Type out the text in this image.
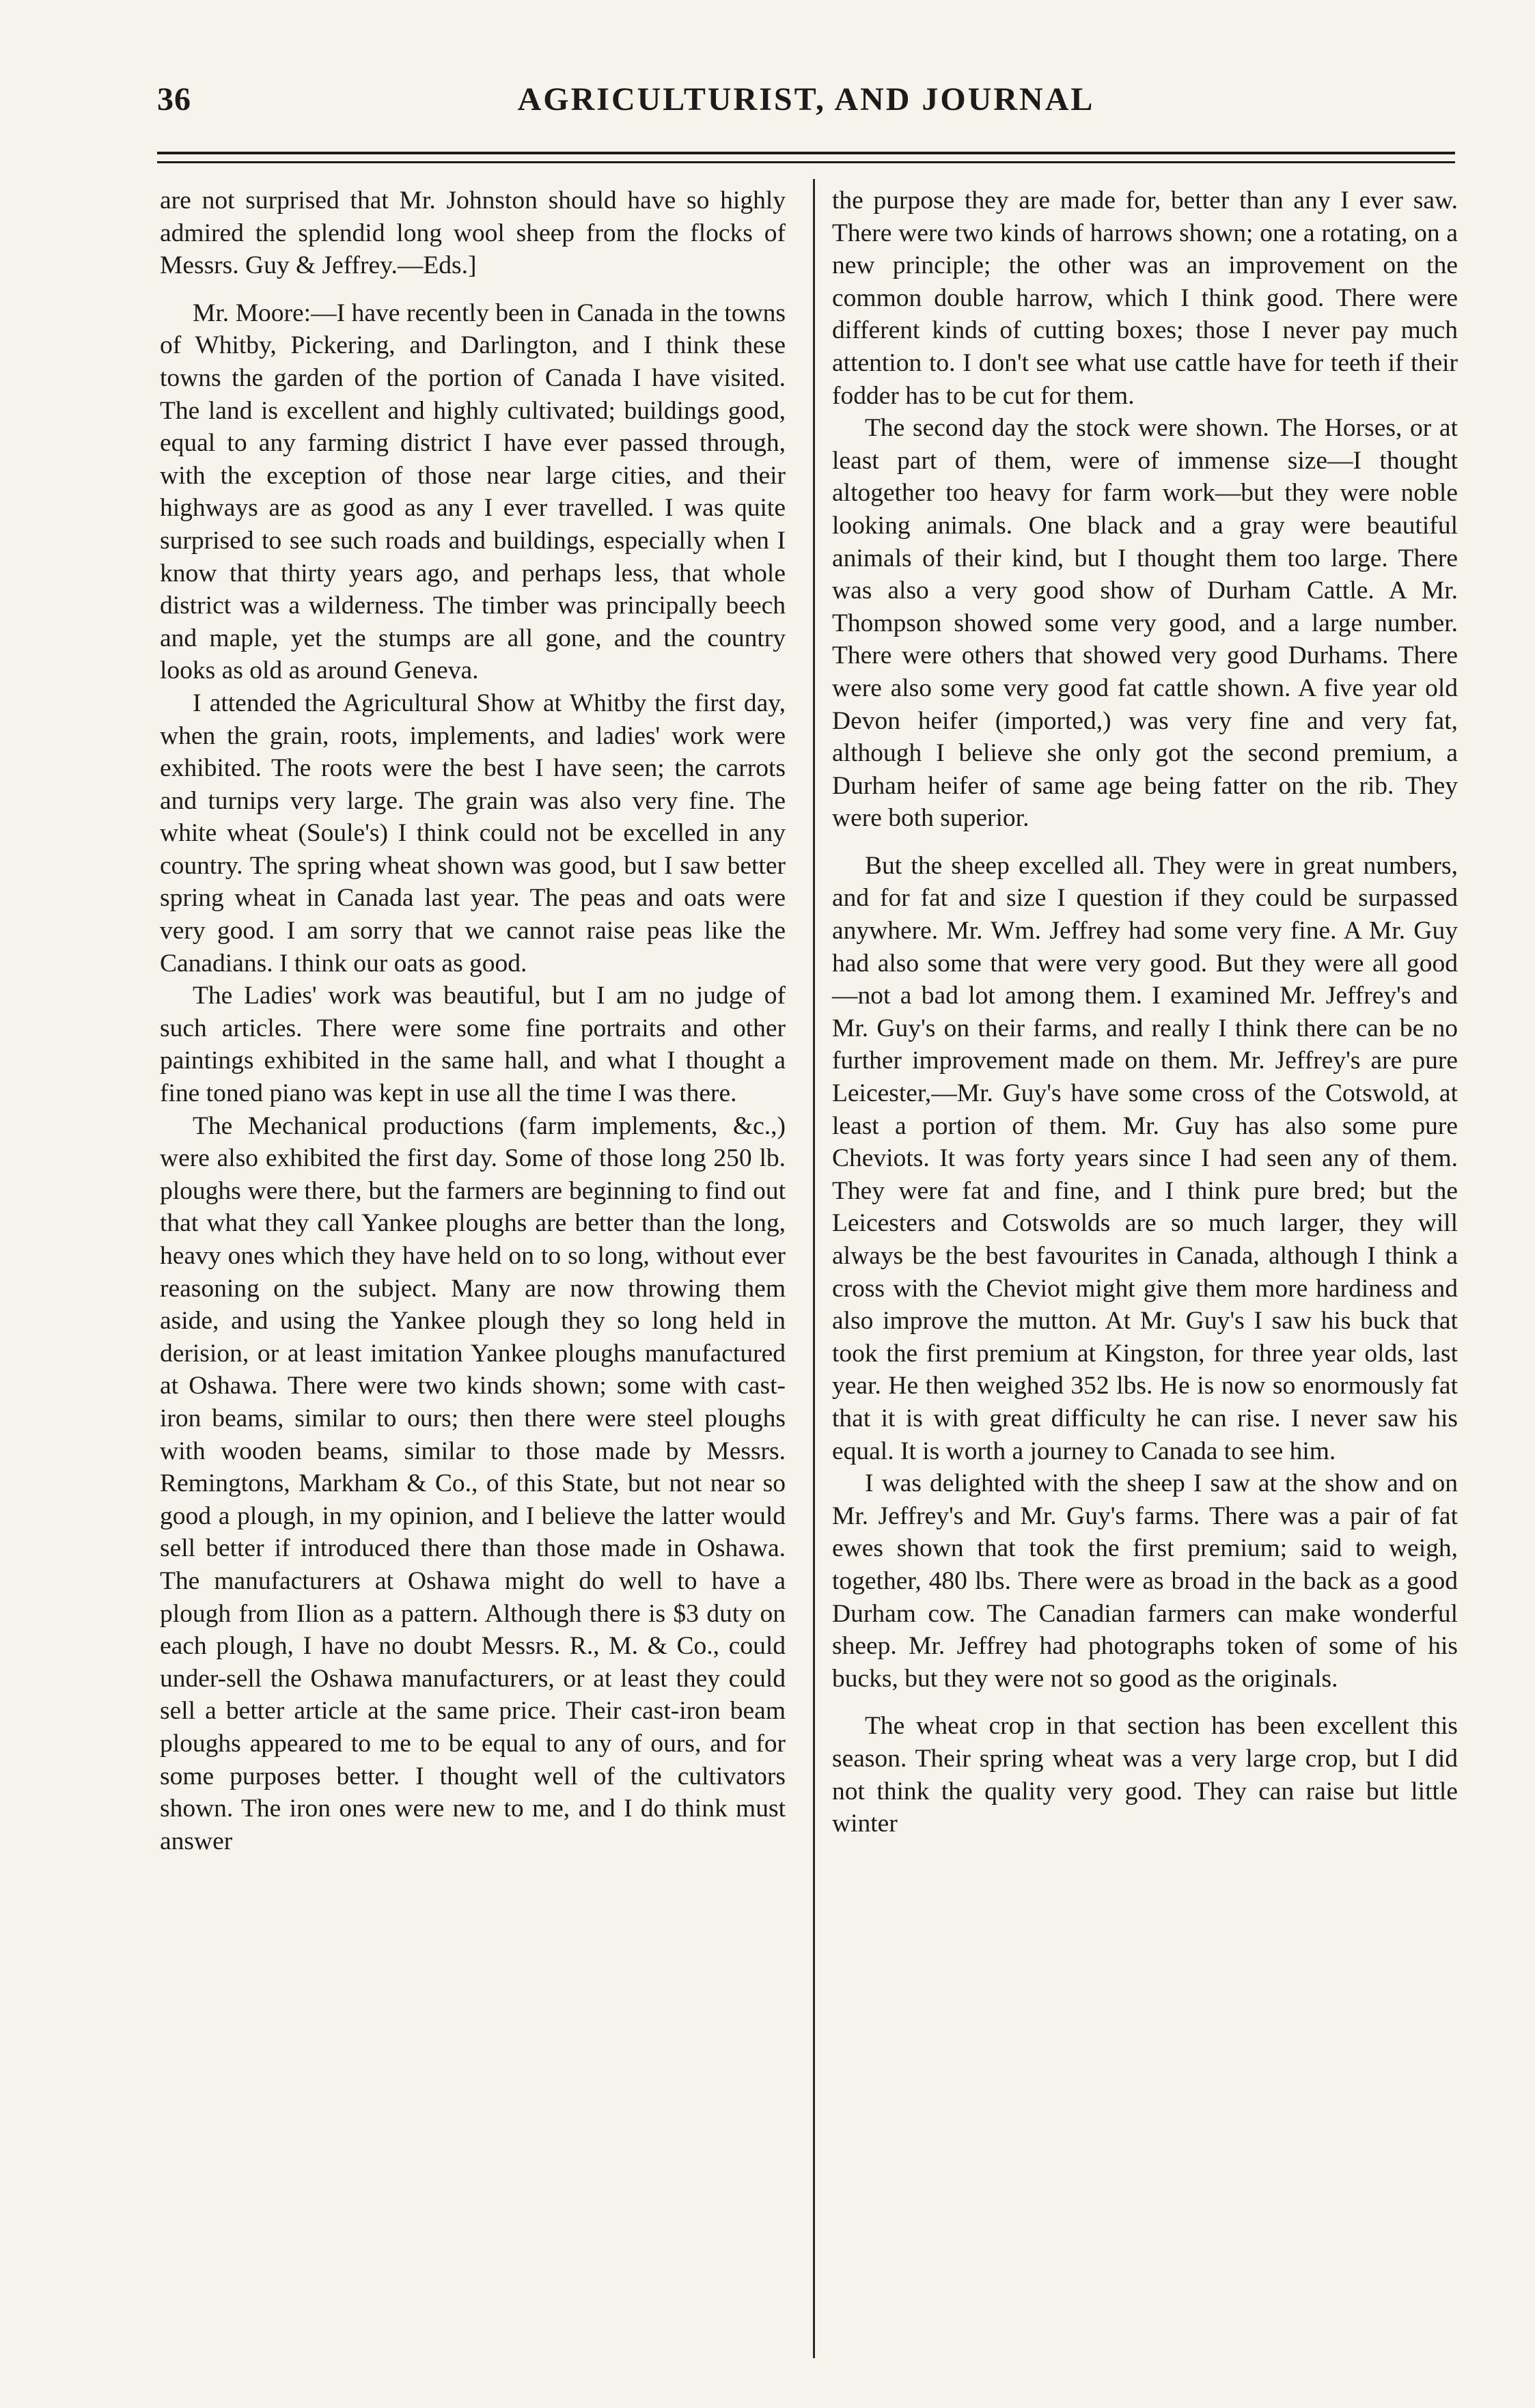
36	AGRICULTURIST, AND JOURNAL

are not surprised that Mr. Johnston should have so highly admired the splendid long wool sheep from the flocks of Messrs. Guy & Jeffrey.—Eds.]

Mr. Moore:—I have recently been in Canada in the towns of Whitby, Pickering, and Darlington, and I think these towns the garden of the portion of Canada I have visited. The land is excellent and highly cultivated; buildings good, equal to any farming district I have ever passed through, with the exception of those near large cities, and their highways are as good as any I ever travelled. I was quite surprised to see such roads and buildings, especially when I know that thirty years ago, and perhaps less, that whole district was a wilderness. The timber was principally beech and maple, yet the stumps are all gone, and the country looks as old as around Geneva.

I attended the Agricultural Show at Whitby the first day, when the grain, roots, implements, and ladies' work were exhibited. The roots were the best I have seen; the carrots and turnips very large. The grain was also very fine. The white wheat (Soule's) I think could not be excelled in any country. The spring wheat shown was good, but I saw better spring wheat in Canada last year. The peas and oats were very good. I am sorry that we cannot raise peas like the Canadians. I think our oats as good.

The Ladies' work was beautiful, but I am no judge of such articles. There were some fine portraits and other paintings exhibited in the same hall, and what I thought a fine toned piano was kept in use all the time I was there.

The Mechanical productions (farm implements, &c.,) were also exhibited the first day. Some of those long 250 lb. ploughs were there, but the farmers are beginning to find out that what they call Yankee ploughs are better than the long, heavy ones which they have held on to so long, without ever reasoning on the subject. Many are now throwing them aside, and using the Yankee plough they so long held in derision, or at least imitation Yankee ploughs manufactured at Oshawa. There were two kinds shown; some with cast-iron beams, similar to ours; then there were steel ploughs with wooden beams, similar to those made by Messrs. Remingtons, Markham & Co., of this State, but not near so good a plough, in my opinion, and I believe the latter would sell better if introduced there than those made in Oshawa. The manufacturers at Oshawa might do well to have a plough from Ilion as a pattern. Although there is $3 duty on each plough, I have no doubt Messrs. R., M. & Co., could under-sell the Oshawa manufacturers, or at least they could sell a better article at the same price. Their cast-iron beam ploughs appeared to me to be equal to any of ours, and for some purposes better. I thought well of the cultivators shown. The iron ones were new to me, and I do think must answer

the purpose they are made for, better than any I ever saw. There were two kinds of harrows shown; one a rotating, on a new principle; the other was an improvement on the common double harrow, which I think good. There were different kinds of cutting boxes; those I never pay much attention to. I don't see what use cattle have for teeth if their fodder has to be cut for them.

The second day the stock were shown. The Horses, or at least part of them, were of immense size—I thought altogether too heavy for farm work—but they were noble looking animals. One black and a gray were beautiful animals of their kind, but I thought them too large. There was also a very good show of Durham Cattle. A Mr. Thompson showed some very good, and a large number. There were others that showed very good Durhams. There were also some very good fat cattle shown. A five year old Devon heifer (imported,) was very fine and very fat, although I believe she only got the second premium, a Durham heifer of same age being fatter on the rib. They were both superior.

But the sheep excelled all. They were in great numbers, and for fat and size I question if they could be surpassed anywhere. Mr. Wm. Jeffrey had some very fine. A Mr. Guy had also some that were very good. But they were all good—not a bad lot among them. I examined Mr. Jeffrey's and Mr. Guy's on their farms, and really I think there can be no further improvement made on them. Mr. Jeffrey's are pure Leicester,—Mr. Guy's have some cross of the Cotswold, at least a portion of them. Mr. Guy has also some pure Cheviots. It was forty years since I had seen any of them. They were fat and fine, and I think pure bred; but the Leicesters and Cotswolds are so much larger, they will always be the best favourites in Canada, although I think a cross with the Cheviot might give them more hardiness and also improve the mutton. At Mr. Guy's I saw his buck that took the first premium at Kingston, for three year olds, last year. He then weighed 352 lbs. He is now so enormously fat that it is with great difficulty he can rise. I never saw his equal. It is worth a journey to Canada to see him.

I was delighted with the sheep I saw at the show and on Mr. Jeffrey's and Mr. Guy's farms. There was a pair of fat ewes shown that took the first premium; said to weigh, together, 480 lbs. There were as broad in the back as a good Durham cow. The Canadian farmers can make wonderful sheep. Mr. Jeffrey had photographs token of some of his bucks, but they were not so good as the originals.

The wheat crop in that section has been excellent this season. Their spring wheat was a very large crop, but I did not think the quality very good. They can raise but little winter
